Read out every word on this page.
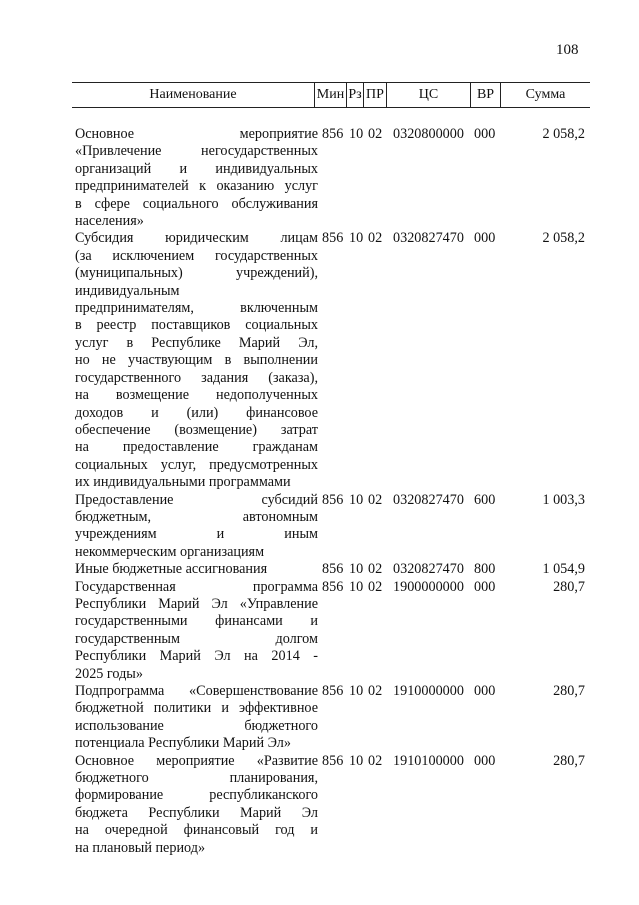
108
Наименование	Мин Рз ПР	ЦС	ВР	Сумма
Основное мероприятие
«Привлечение негосударственных
организаций и индивидуальных
предпринимателей к оказанию услуг
в сфере социального обслуживания
населения»
856 10 02 0320800000 000	2 058,2
Субсидия юридическим лицам
(за исключением государственных
(муниципальных) учреждений),
индивидуальным
предпринимателям, включенным
в реестр поставщиков социальных
услуг в Республике Марий Эл,
но не участвующим в выполнении
государственного задания (заказа),
на возмещение недополученных
доходов и (или) финансовое
обеспечение (возмещение) затрат
на предоставление гражданам
социальных услуг, предусмотренных
их индивидуальными программами
856 10 02 0320827470 000	2 058,2
Предоставление субсидий
бюджетным, автономным
учреждениям и иным
некоммерческим организациям
856 10 02 0320827470 600	1 003,3
Иные бюджетные ассигнования	856 10 02 0320827470 800	1 054,9
Государственная программа
Республики Марий Эл «Управление
государственными финансами и
государственным долгом
Республики Марий Эл на 2014 -
2025 годы»
856 10 02 1900000000 000	280,7
Подпрограмма «Совершенствование
бюджетной политики и эффективное
использование бюджетного
потенциала Республики Марий Эл»
856 10 02 1910000000 000	280,7
Основное мероприятие «Развитие
бюджетного планирования,
формирование республиканского
бюджета Республики Марий Эл
на очередной финансовый год и
на плановый период»
856 10 02 1910100000 000	280,7
